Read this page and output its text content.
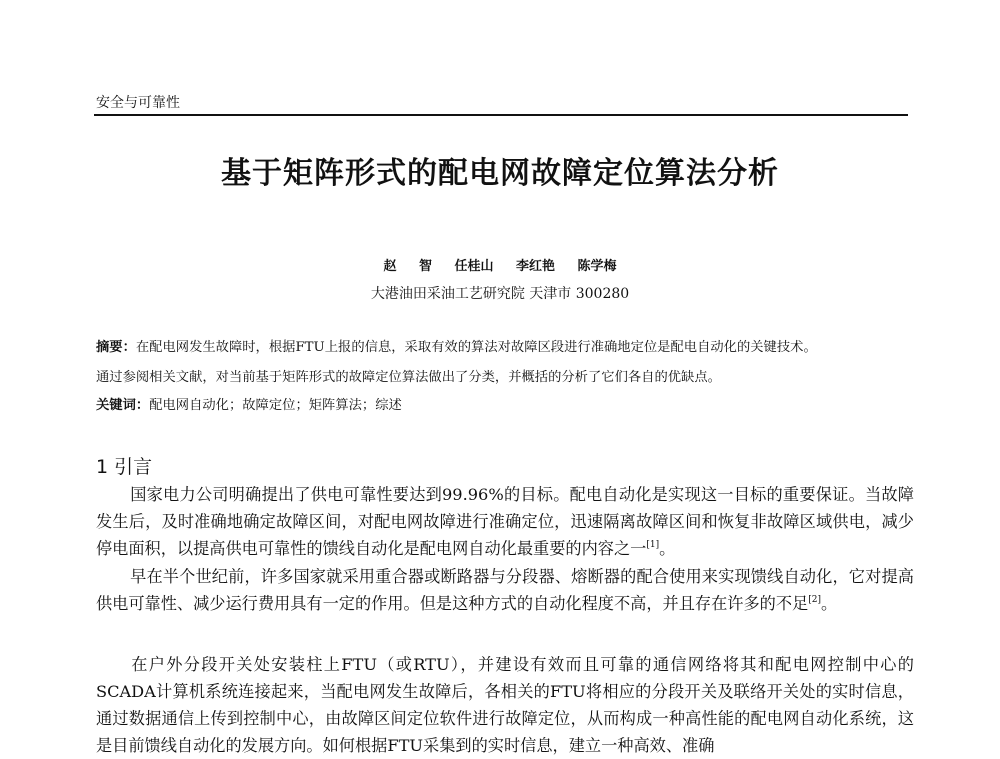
安全与可靠性
基于矩阵形式的配电网故障定位算法分析
赵 智 任桂山 李红艳 陈学梅
大港油田采油工艺研究院 天津市 300280
摘要：在配电网发生故障时，根据FTU上报的信息，采取有效的算法对故障区段进行准确地定位是配电自动化的关键技术。
通过参阅相关文献，对当前基于矩阵形式的故障定位算法做出了分类，并概括的分析了它们各自的优缺点。
关键词：配电网自动化；故障定位；矩阵算法；综述
1 引言
国家电力公司明确提出了供电可靠性要达到99.96%的目标。配电自动化是实现这一目标的重要保证。当故障发生后，及时准确地确定故障区间，对配电网故障进行准确定位，迅速隔离故障区间和恢复非故障区域供电，减少停电面积，以提高供电可靠性的馈线自动化是配电网自动化最重要的内容之一[1]。
早在半个世纪前，许多国家就采用重合器或断路器与分段器、熔断器的配合使用来实现馈线自动化，它对提高供电可靠性、减少运行费用具有一定的作用。但是这种方式的自动化程度不高，并且存在许多的不足[2]。
在户外分段开关处安装柱上FTU（或RTU），并建设有效而且可靠的通信网络将其和配电网控制中心的SCADA计算机系统连接起来，当配电网发生故障后，各相关的FTU将相应的分段开关及联络开关处的实时信息，通过数据通信上传到控制中心，由故障区间定位软件进行故障定位，从而构成一种高性能的配电网自动化系统，这是目前馈线自动化的发展方向。如何根据FTU采集到的实时信息，建立一种高效、准确
